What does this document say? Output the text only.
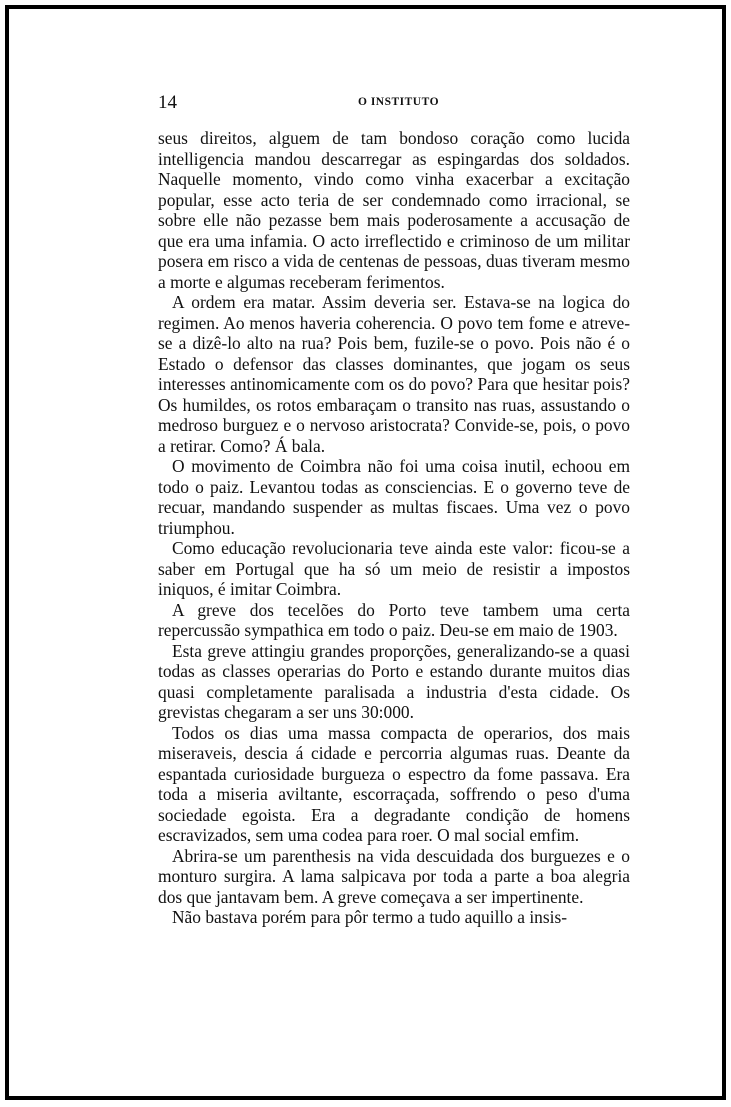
14	O INSTITUTO

seus direitos, alguem de tam bondoso coração como lucida intelligencia mandou descarregar as espingardas dos soldados. Naquelle momento, vindo como vinha exacerbar a excitação popular, esse acto teria de ser condemnado como irracional, se sobre elle não pezasse bem mais poderosamente a accusação de que era uma infamia. O acto irreflectido e criminoso de um militar posera em risco a vida de centenas de pessoas, duas tiveram mesmo a morte e algumas receberam ferimentos.

A ordem era matar. Assim deveria ser. Estava-se na logica do regimen. Ao menos haveria coherencia. O povo tem fome e atreve-se a dizê-lo alto na rua? Pois bem, fuzile-se o povo. Pois não é o Estado o defensor das classes dominantes, que jogam os seus interesses antinomicamente com os do povo? Para que hesitar pois? Os humildes, os rotos embaraçam o transito nas ruas, assustando o medroso burguez e o nervoso aristocrata? Convide-se, pois, o povo a retirar. Como? Á bala.

O movimento de Coimbra não foi uma coisa inutil, echoou em todo o paiz. Levantou todas as consciencias. E o governo teve de recuar, mandando suspender as multas fiscaes. Uma vez o povo triumphou.

Como educação revolucionaria teve ainda este valor: ficou-se a saber em Portugal que ha só um meio de resistir a impostos iniquos, é imitar Coimbra.

A greve dos tecelões do Porto teve tambem uma certa repercussão sympathica em todo o paiz. Deu-se em maio de 1903.

Esta greve attingiu grandes proporções, generalizando-se a quasi todas as classes operarias do Porto e estando durante muitos dias quasi completamente paralisada a industria d'esta cidade. Os grevistas chegaram a ser uns 30:000.

Todos os dias uma massa compacta de operarios, dos mais miseraveis, descia á cidade e percorria algumas ruas. Deante da espantada curiosidade burgueza o espectro da fome passava. Era toda a miseria aviltante, escorraçada, soffrendo o peso d'uma sociedade egoista. Era a degradante condição de homens escravizados, sem uma codea para roer. O mal social emfim.

Abrira-se um parenthesis na vida descuidada dos burguezes e o monturo surgira. A lama salpicava por toda a parte a boa alegria dos que jantavam bem. A greve começava a ser impertinente.

Não bastava porém para pôr termo a tudo aquillo a insis-
